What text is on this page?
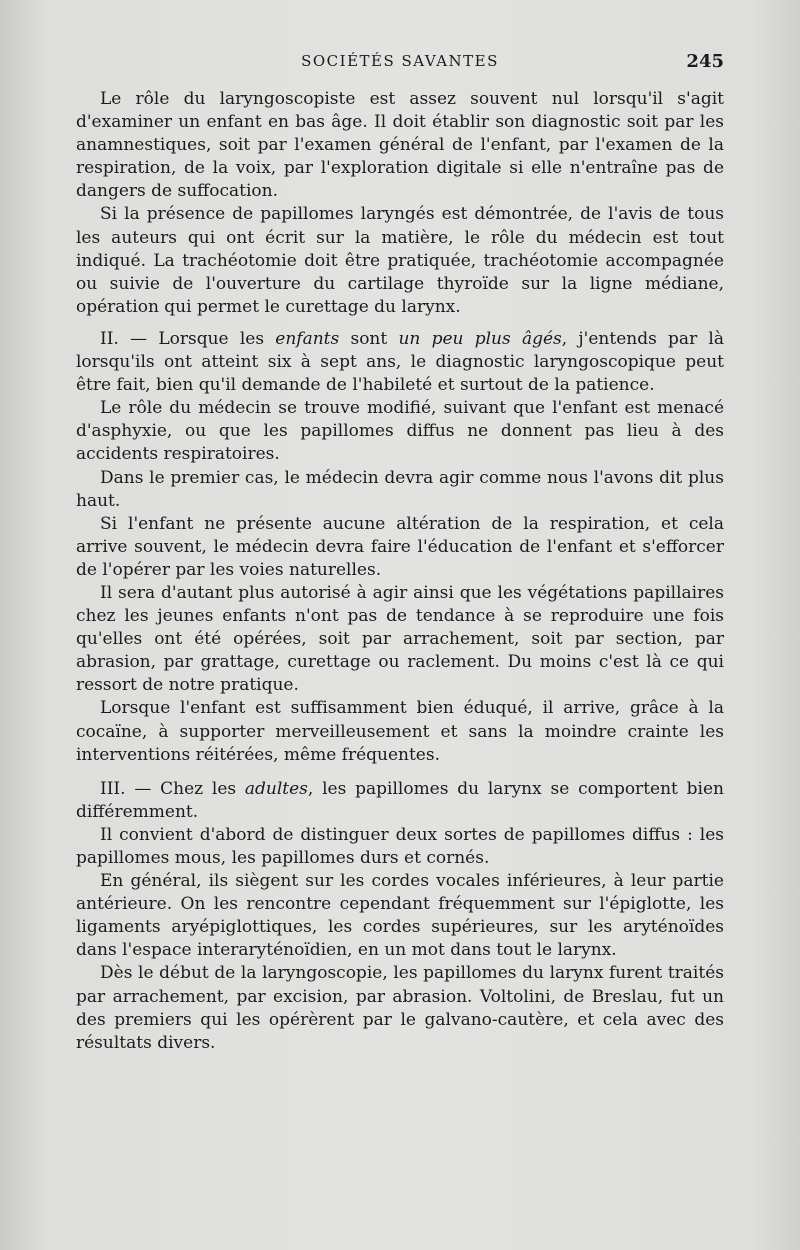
SOCIÉTÉS SAVANTES	245

Le rôle du laryngoscopiste est assez souvent nul lorsqu'il s'agit d'examiner un enfant en bas âge. Il doit établir son diagnostic soit par les anamnestiques, soit par l'examen général de l'enfant, par l'examen de la respiration, de la voix, par l'exploration digitale si elle n'entraîne pas de dangers de suffocation.

Si la présence de papillomes laryngés est démontrée, de l'avis de tous les auteurs qui ont écrit sur la matière, le rôle du médecin est tout indiqué. La trachéotomie doit être pratiquée, trachéotomie accompagnée ou suivie de l'ouverture du cartilage thyroïde sur la ligne médiane, opération qui permet le curettage du larynx.

II. — Lorsque les enfants sont un peu plus âgés, j'entends par là lorsqu'ils ont atteint six à sept ans, le diagnostic laryngoscopique peut être fait, bien qu'il demande de l'habileté et surtout de la patience.

Le rôle du médecin se trouve modifié, suivant que l'enfant est menacé d'asphyxie, ou que les papillomes diffus ne donnent pas lieu à des accidents respiratoires.

Dans le premier cas, le médecin devra agir comme nous l'avons dit plus haut.

Si l'enfant ne présente aucune altération de la respiration, et cela arrive souvent, le médecin devra faire l'éducation de l'enfant et s'efforcer de l'opérer par les voies naturelles.

Il sera d'autant plus autorisé à agir ainsi que les végétations papillaires chez les jeunes enfants n'ont pas de tendance à se reproduire une fois qu'elles ont été opérées, soit par arrachement, soit par section, par abrasion, par grattage, curettage ou raclement. Du moins c'est là ce qui ressort de notre pratique.

Lorsque l'enfant est suffisamment bien éduqué, il arrive, grâce à la cocaïne, à supporter merveilleusement et sans la moindre crainte les interventions réitérées, même fréquentes.

III. — Chez les adultes, les papillomes du larynx se comportent bien différemment.

Il convient d'abord de distinguer deux sortes de papillomes diffus : les papillomes mous, les papillomes durs et cornés.

En général, ils siègent sur les cordes vocales inférieures, à leur partie antérieure. On les rencontre cependant fréquemment sur l'épiglotte, les ligaments aryépiglottiques, les cordes supérieures, sur les aryténoïdes dans l'espace interaryténoïdien, en un mot dans tout le larynx.

Dès le début de la laryngoscopie, les papillomes du larynx furent traités par arrachement, par excision, par abrasion. Voltolini, de Breslau, fut un des premiers qui les opérèrent par le galvano-cautère, et cela avec des résultats divers.
